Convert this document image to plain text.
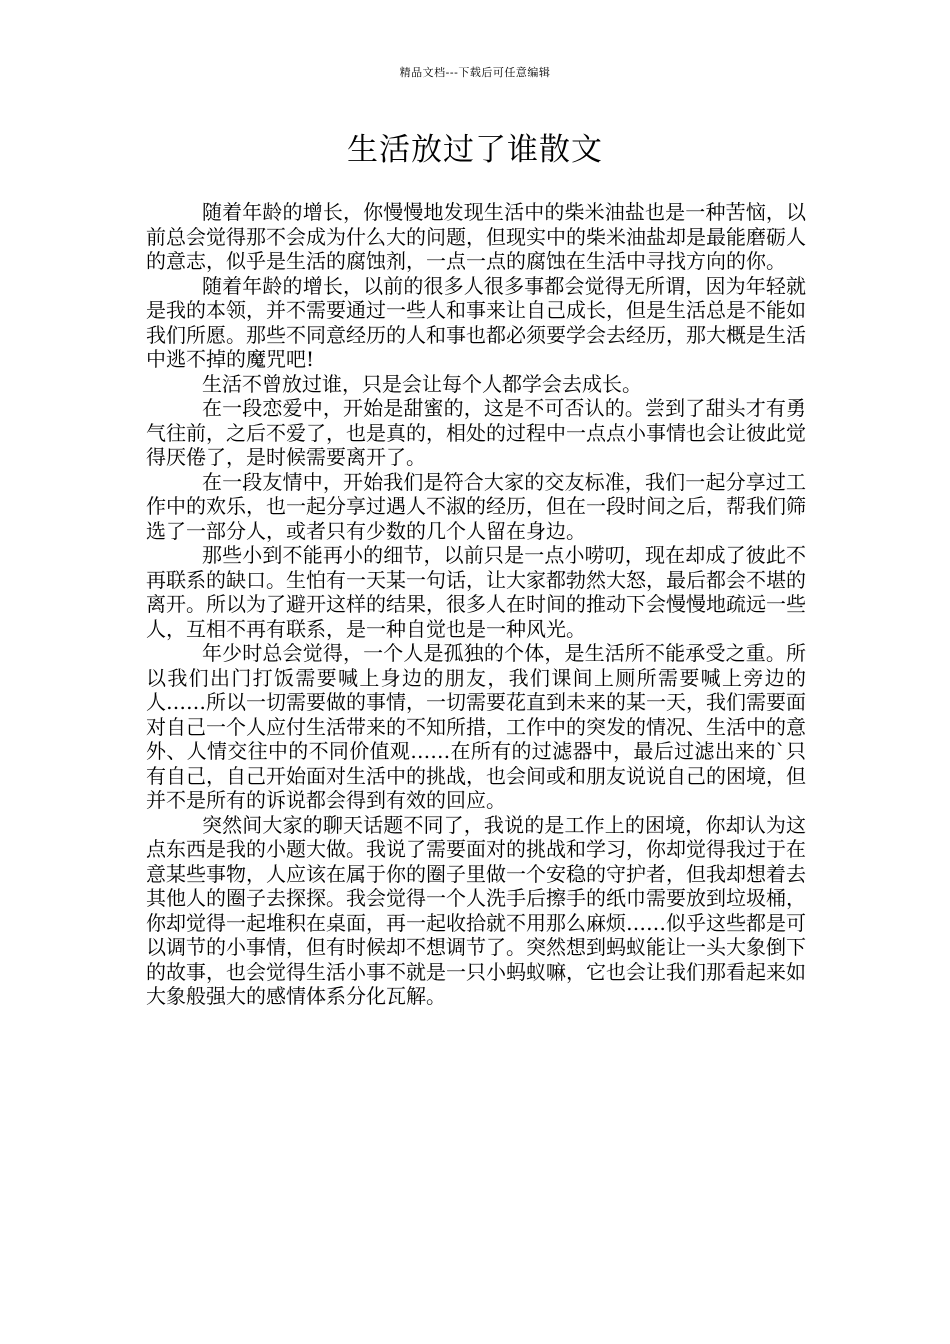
精品文档---下载后可任意编辑
生活放过了谁散文

随着年龄的增长，你慢慢地发现生活中的柴米油盐也是一种苦恼，以前总会觉得那不会成为什么大的问题，但现实中的柴米油盐却是最能磨砺人的意志，似乎是生活的腐蚀剂，一点一点的腐蚀在生活中寻找方向的你。

随着年龄的增长，以前的很多人很多事都会觉得无所谓，因为年轻就是我的本领，并不需要通过一些人和事来让自己成长，但是生活总是不能如我们所愿。那些不同意经历的人和事也都必须要学会去经历，那大概是生活中逃不掉的魔咒吧!

生活不曾放过谁，只是会让每个人都学会去成长。

在一段恋爱中，开始是甜蜜的，这是不可否认的。尝到了甜头才有勇气往前，之后不爱了，也是真的，相处的过程中一点点小事情也会让彼此觉得厌倦了，是时候需要离开了。

在一段友情中，开始我们是符合大家的交友标准，我们一起分享过工作中的欢乐，也一起分享过遇人不淑的经历，但在一段时间之后，帮我们筛选了一部分人，或者只有少数的几个人留在身边。

那些小到不能再小的细节，以前只是一点小唠叨，现在却成了彼此不再联系的缺口。生怕有一天某一句话，让大家都勃然大怒，最后都会不堪的离开。所以为了避开这样的结果，很多人在时间的推动下会慢慢地疏远一些人，互相不再有联系，是一种自觉也是一种风光。

年少时总会觉得，一个人是孤独的个体，是生活所不能承受之重。所以我们出门打饭需要喊上身边的朋友，我们课间上厕所需要喊上旁边的人……所以一切需要做的事情，一切需要花直到未来的某一天，我们需要面对自己一个人应付生活带来的不知所措，工作中的突发的情况、生活中的意外、人情交往中的不同价值观……在所有的过滤器中，最后过滤出来的`只有自己，自己开始面对生活中的挑战，也会间或和朋友说说自己的困境，但并不是所有的诉说都会得到有效的回应。

突然间大家的聊天话题不同了，我说的是工作上的困境，你却认为这点东西是我的小题大做。我说了需要面对的挑战和学习，你却觉得我过于在意某些事物，人应该在属于你的圈子里做一个安稳的守护者，但我却想着去其他人的圈子去探探。我会觉得一个人洗手后擦手的纸巾需要放到垃圾桶，你却觉得一起堆积在桌面，再一起收拾就不用那么麻烦……似乎这些都是可以调节的小事情，但有时候却不想调节了。突然想到蚂蚁能让一头大象倒下的故事，也会觉得生活小事不就是一只小蚂蚁嘛，它也会让我们那看起来如大象般强大的感情体系分化瓦解。
